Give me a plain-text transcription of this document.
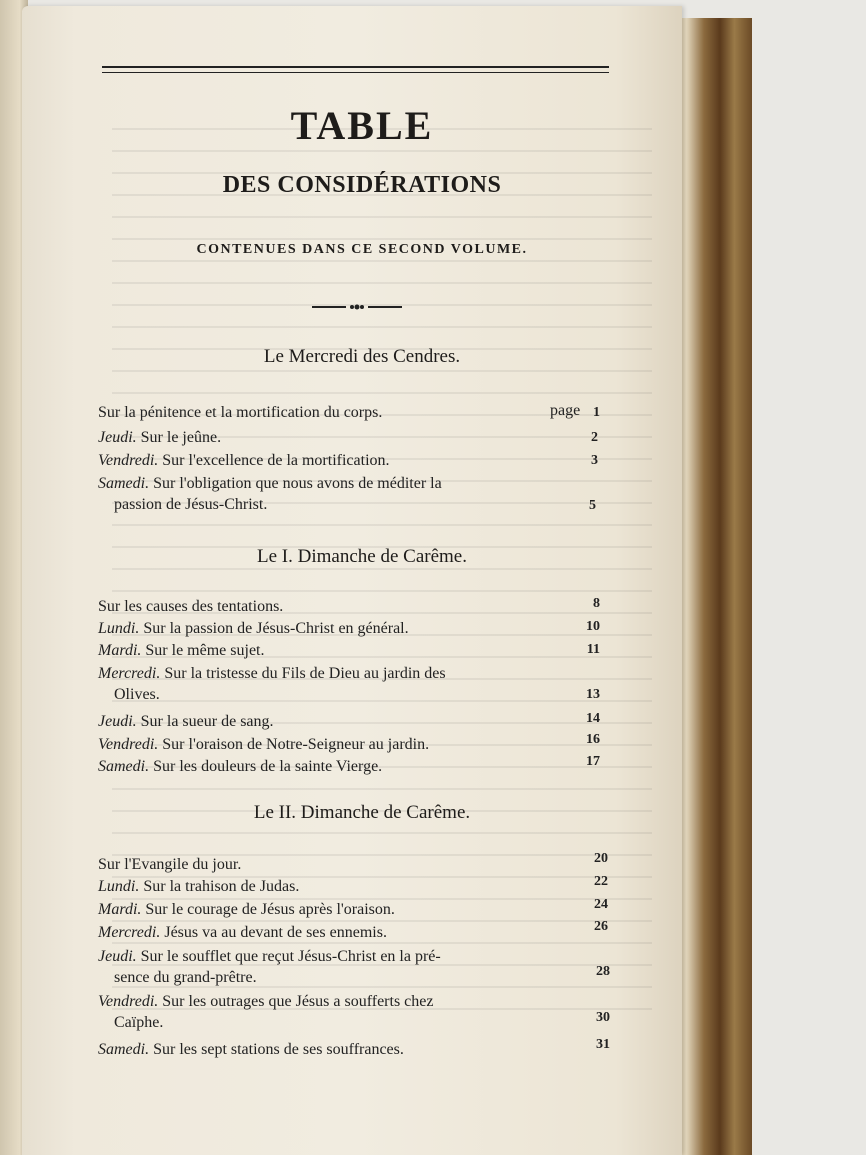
TABLE
DES CONSIDÉRATIONS
CONTENUES DANS CE SECOND VOLUME.
Le Mercredi des Cendres.
page
Sur la pénitence et la mortification du corps.	1
Jeudi. Sur le jeûne.	2
Vendredi. Sur l'excellence de la mortification.	3
Samedi. Sur l'obligation que nous avons de méditer la
passion de Jésus-Christ.	5
Le I. Dimanche de Carême.
Sur les causes des tentations.	8
Lundi. Sur la passion de Jésus-Christ en général.	10
Mardi. Sur le même sujet.	11
Mercredi. Sur la tristesse du Fils de Dieu au jardin des
Olives.	13
Jeudi. Sur la sueur de sang.	14
Vendredi. Sur l'oraison de Notre-Seigneur au jardin.	16
Samedi. Sur les douleurs de la sainte Vierge.	17
Le II. Dimanche de Carême.
Sur l'Evangile du jour.	20
Lundi. Sur la trahison de Judas.	22
Mardi. Sur le courage de Jésus après l'oraison.	24
Mercredi. Jésus va au devant de ses ennemis.	26
Jeudi. Sur le soufflet que reçut Jésus-Christ en la pré-
sence du grand-prêtre.	28
Vendredi. Sur les outrages que Jésus a soufferts chez
Caïphe.	30
Samedi. Sur les sept stations de ses souffrances.	31
